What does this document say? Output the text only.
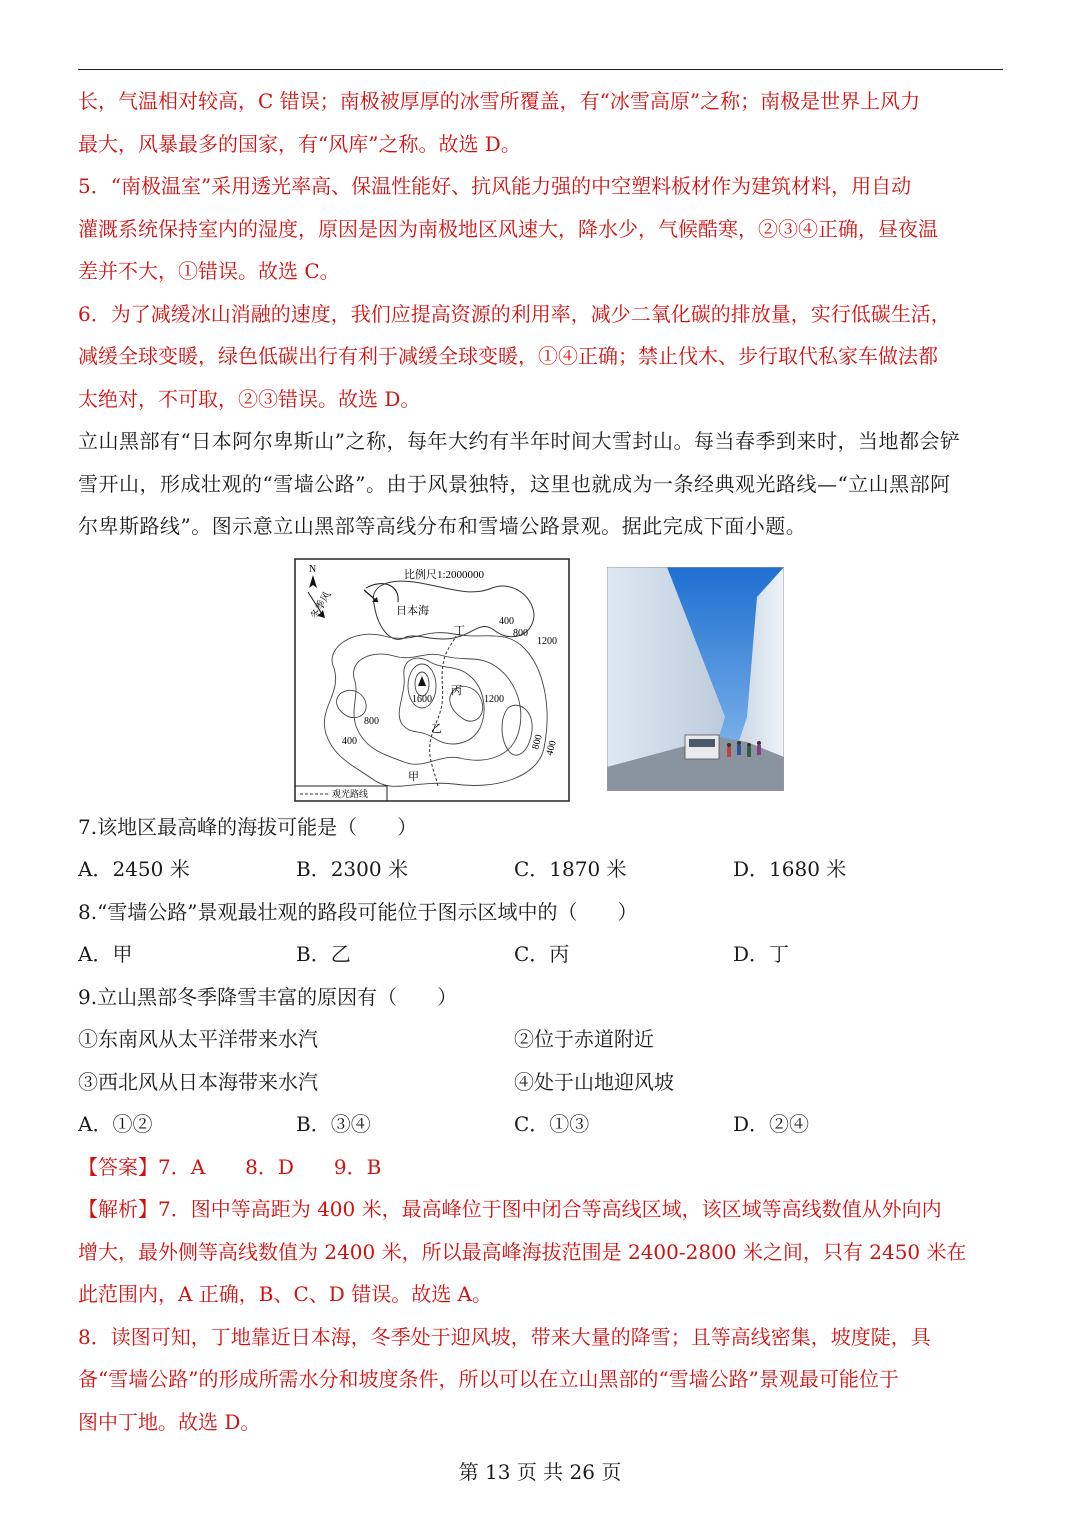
长，气温相对较高，C 错误；南极被厚厚的冰雪所覆盖，有“冰雪高原”之称；南极是世界上风力
最大，风暴最多的国家，有“风库”之称。故选 D。
5．“南极温室”采用透光率高、保温性能好、抗风能力强的中空塑料板材作为建筑材料，用自动
灌溉系统保持室内的湿度，原因是因为南极地区风速大，降水少，气候酷寒，②③④正确，昼夜温
差并不大，①错误。故选 C。
6．为了减缓冰山消融的速度，我们应提高资源的利用率，减少二氧化碳的排放量，实行低碳生活，
减缓全球变暖，绿色低碳出行有利于减缓全球变暖，①④正确；禁止伐木、步行取代私家车做法都
太绝对，不可取，②③错误。故选 D。
立山黑部有“日本阿尔卑斯山”之称，每年大约有半年时间大雪封山。每当春季到来时，当地都会铲
雪开山，形成壮观的“雪墙公路”。由于风景独特，这里也就成为一条经典观光路线—“立山黑部阿
尔卑斯路线”。图示意立山黑部等高线分布和雪墙公路景观。据此完成下面小题。
N	比例尺1:2000000
冬季风	日本海
400
800
1200
1600	1200
800
400	800 400
甲
乙
丙
丁
观光路线
7.该地区最高峰的海拔可能是（　　）
A．2450 米	B．2300 米	C．1870 米	D．1680 米
8.“雪墙公路”景观最壮观的路段可能位于图示区域中的（　　）
A．甲	B．乙	C．丙	D．丁
9.立山黑部冬季降雪丰富的原因有（　　）
①东南风从太平洋带来水汽	②位于赤道附近
③西北风从日本海带来水汽	④处于山地迎风坡
A．①②	B．③④	C．①③	D．②④
【答案】7．A　　8．D　　9．B
【解析】7．图中等高距为 400 米，最高峰位于图中闭合等高线区域，该区域等高线数值从外向内
增大，最外侧等高线数值为 2400 米，所以最高峰海拔范围是 2400-2800 米之间，只有 2450 米在
此范围内，A 正确，B、C、D 错误。故选 A。
8．读图可知，丁地靠近日本海，冬季处于迎风坡，带来大量的降雪；且等高线密集，坡度陡，具
备“雪墙公路”的形成所需水分和坡度条件，所以可以在立山黑部的“雪墙公路”景观最可能位于
图中丁地。故选 D。
第 13 页 共 26 页
